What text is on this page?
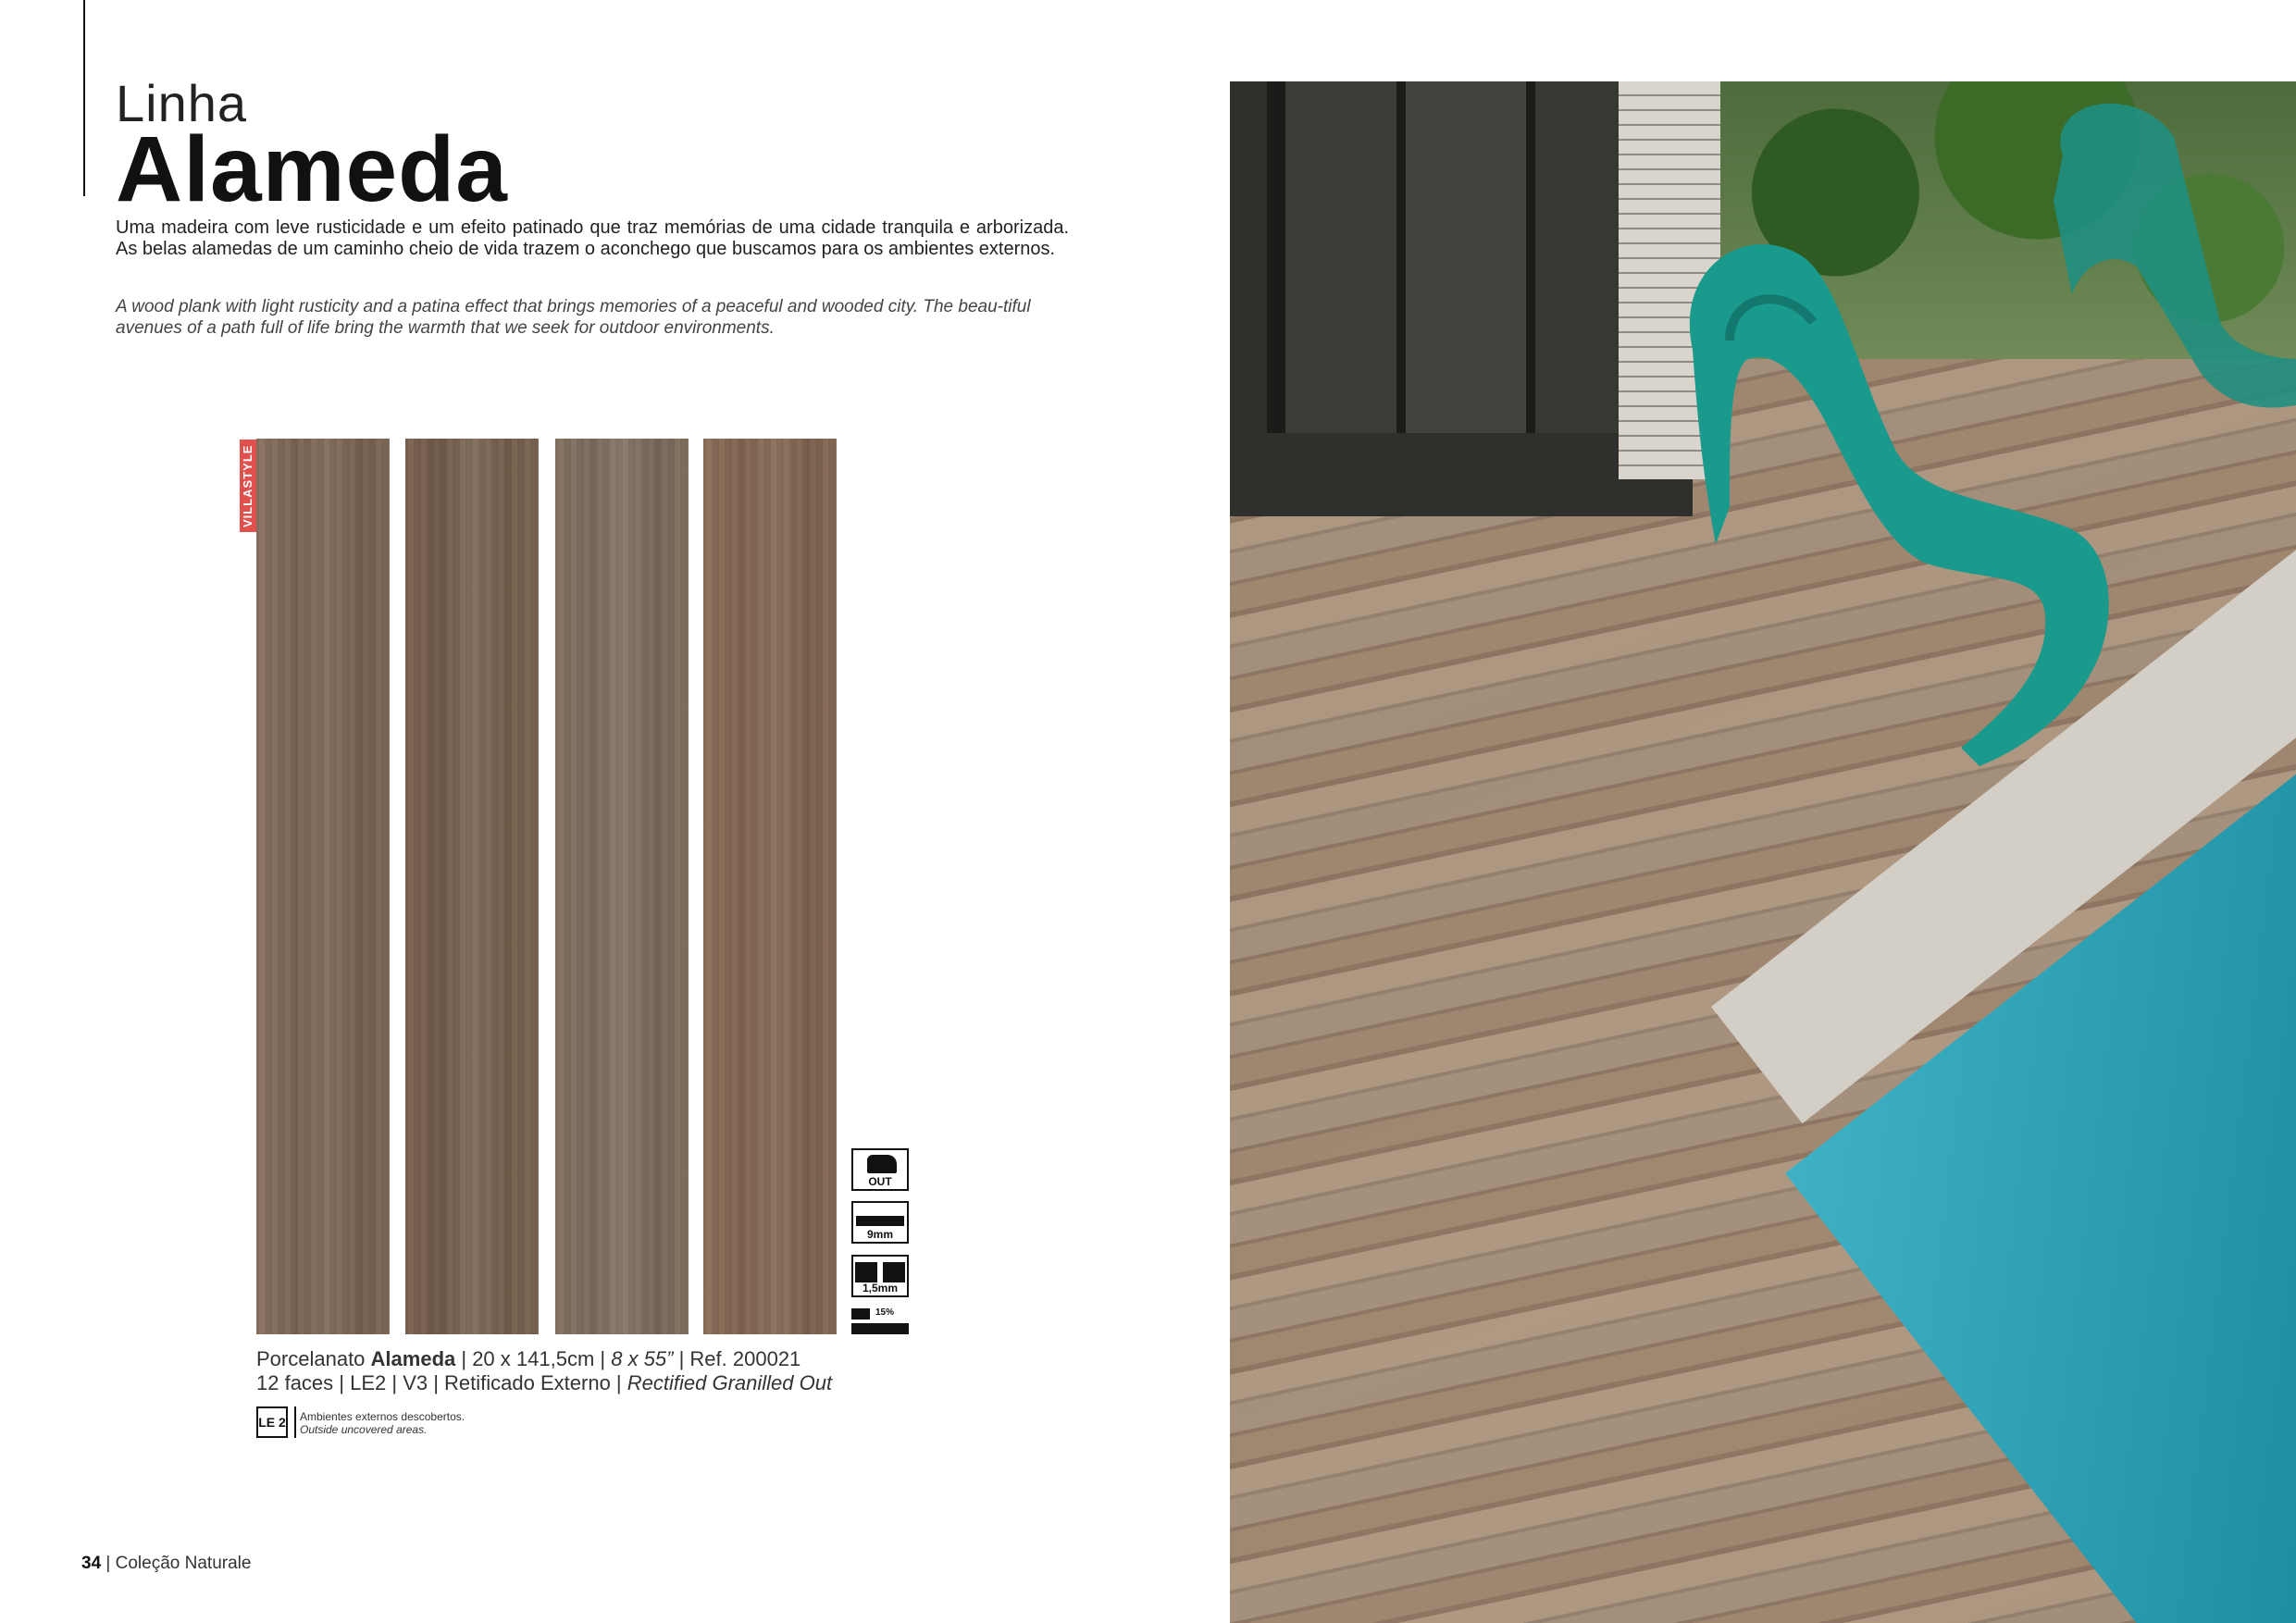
Linha
Alameda
Uma madeira com leve rusticidade e um efeito patinado que traz memórias de uma cidade tranquila e arborizada. As belas alamedas de um caminho cheio de vida trazem o aconchego que buscamos para os ambientes externos.
A wood plank with light rusticity and a patina effect that brings memories of a peaceful and wooded city. The beau-tiful avenues of a path full of life bring the warmth that we seek for outdoor environments.
VILLASTYLE
OUT
9mm
1,5mm
15%
Porcelanato Alameda | 20 x 141,5cm | 8 x 55” | Ref. 200021
12 faces | LE2 | V3 | Retificado Externo | Rectified Granilled Out
LE 2 Ambientes externos descobertos.
Outside uncovered areas.
34 | Coleção Naturale
